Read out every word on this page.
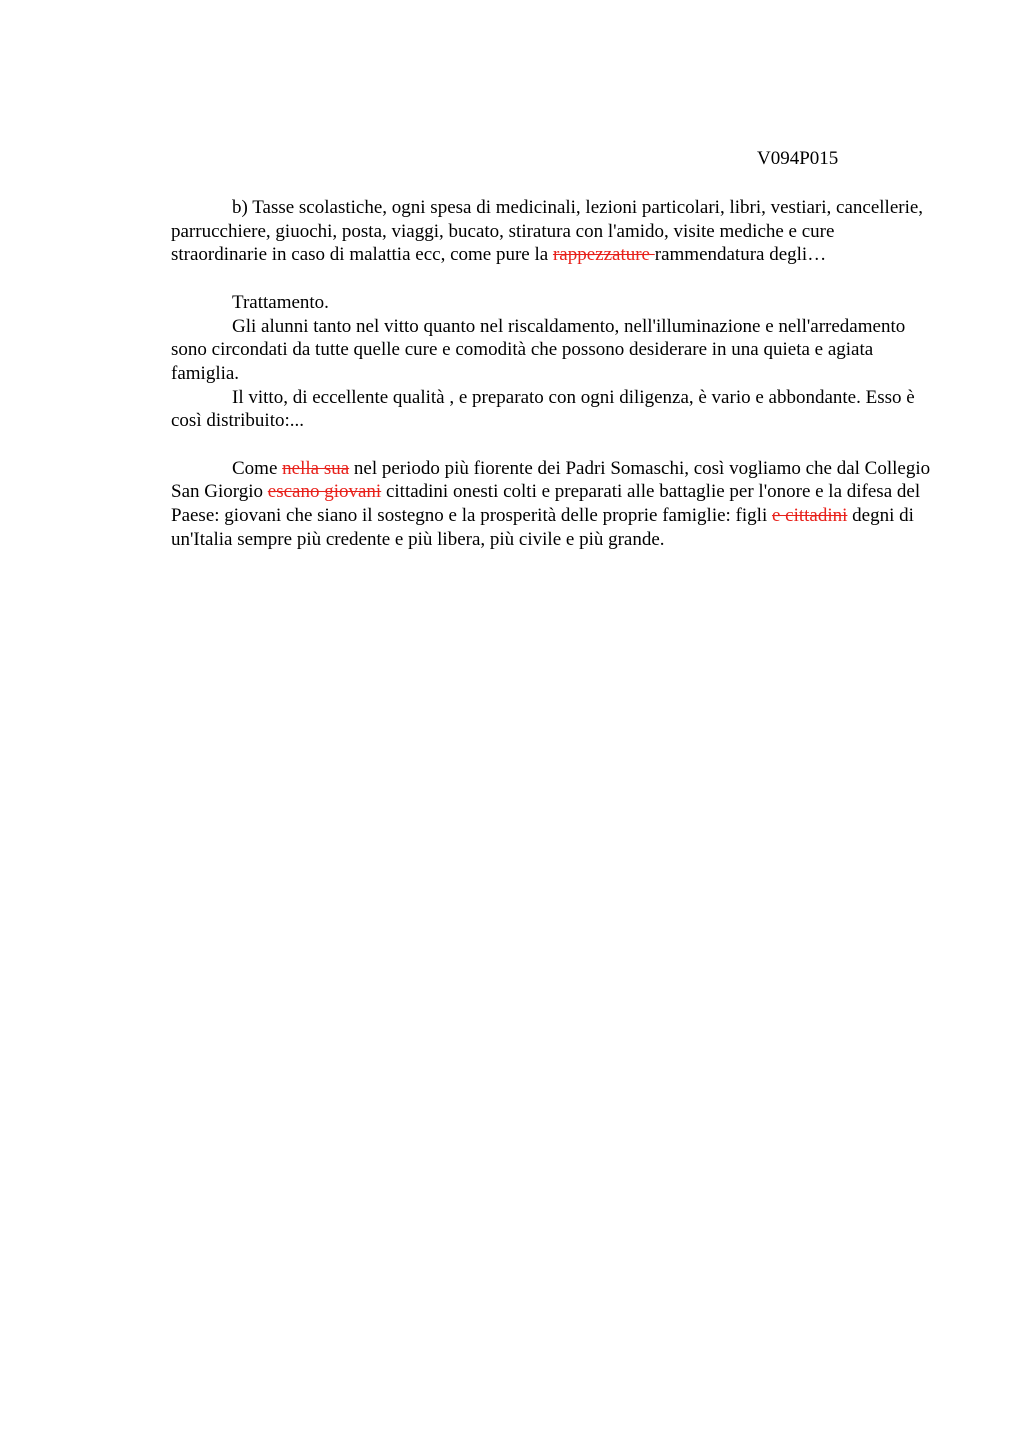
V094P015

b) Tasse scolastiche, ogni spesa di medicinali, lezioni particolari, libri, vestiari, cancellerie, parrucchiere, giuochi, posta, viaggi, bucato, stiratura con l'amido, visite mediche e cure straordinarie in caso di malattia ecc, come pure la rappezzature rammendatura degli…

Trattamento.

Gli alunni tanto nel vitto quanto nel riscaldamento, nell'illuminazione e nell'arredamento sono circondati da tutte quelle cure e comodità che possono desiderare in una quieta e agiata famiglia.

Il vitto, di eccellente qualità , e preparato con ogni diligenza, è vario e abbondante. Esso è così distribuito:...

Come nella sua nel periodo più fiorente dei Padri Somaschi, così vogliamo che dal Collegio San Giorgio escano giovani cittadini onesti colti e preparati alle battaglie per l'onore e la difesa del Paese: giovani che siano il sostegno e la prosperità delle proprie famiglie: figli e cittadini degni di un'Italia sempre più credente e più libera, più civile e più grande.
